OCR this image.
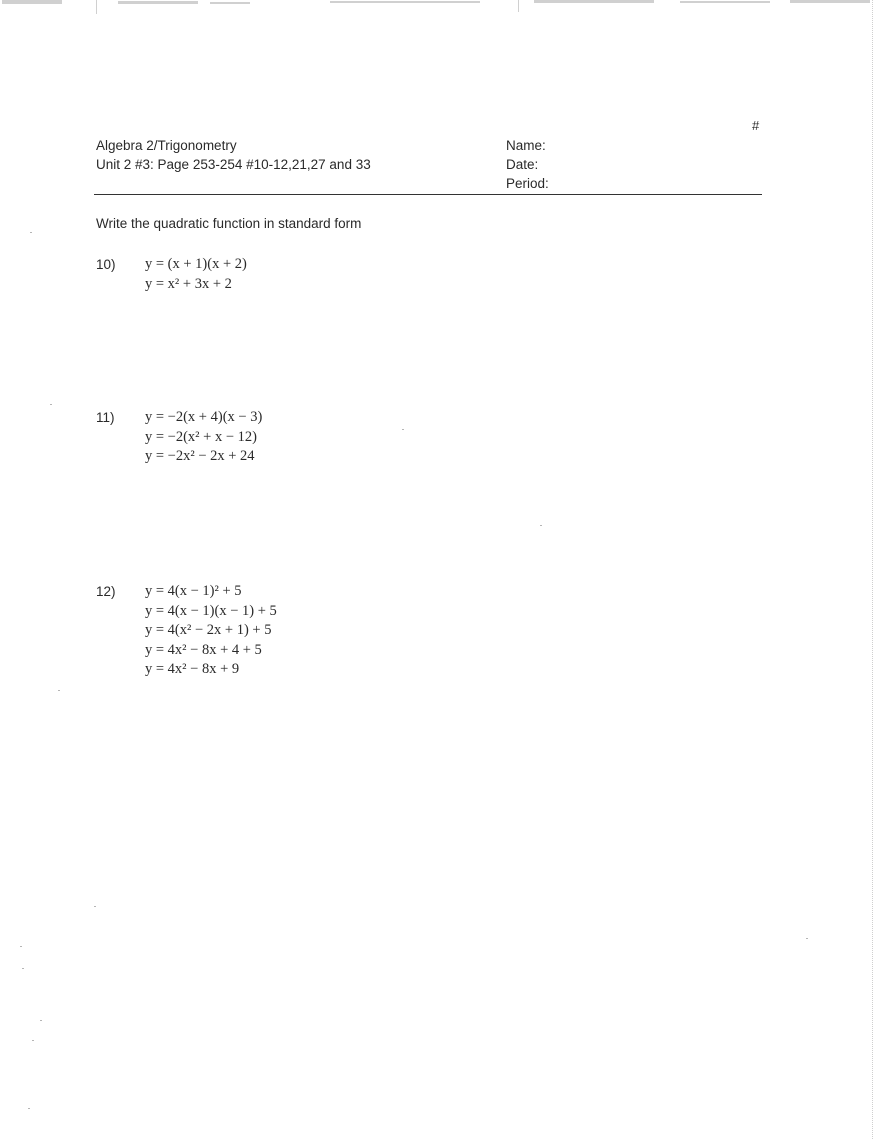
#
Algebra 2/Trigonometry
Unit 2 #3: Page 253-254 #10-12,21,27 and 33
Name:
Date:
Period:
Write the quadratic function in standard form
10)	y = (x + 1)(x + 2)
y = x² + 3x + 2
11)	y = −2(x + 4)(x − 3)
y = −2(x² + x − 12)
y = −2x² − 2x + 24
12)	y = 4(x − 1)² + 5
y = 4(x − 1)(x − 1) + 5
y = 4(x² − 2x + 1) + 5
y = 4x² − 8x + 4 + 5
y = 4x² − 8x + 9
